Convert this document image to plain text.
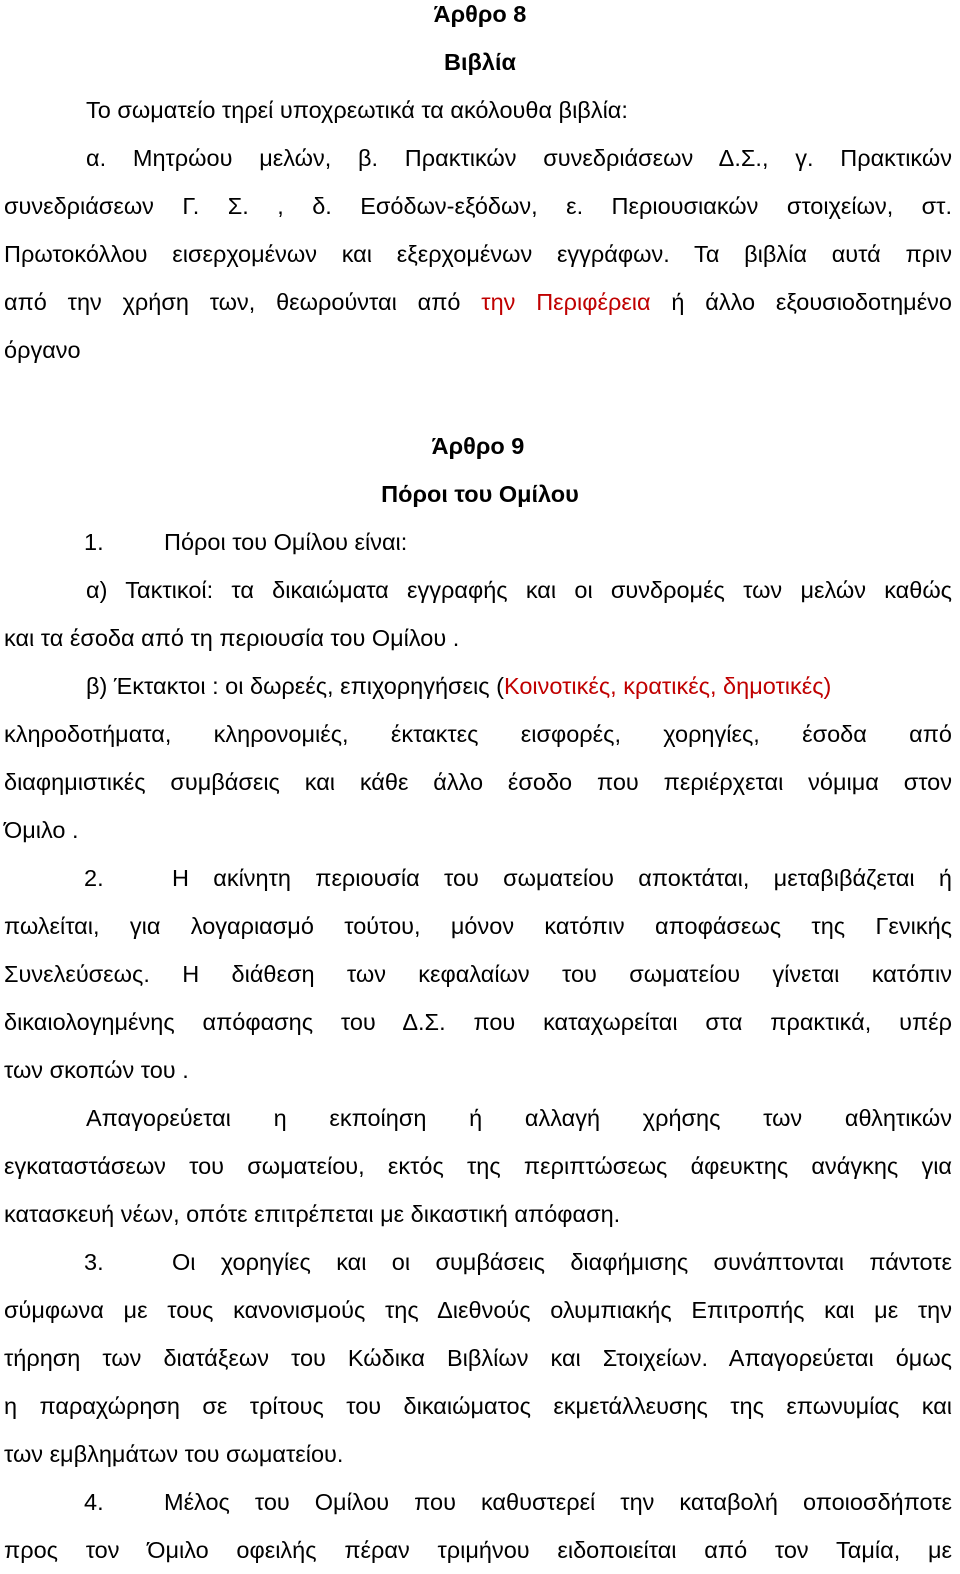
Άρθρο 8
Βιβλία
Το σωματείο τηρεί υποχρεωτικά τα ακόλουθα βιβλία:
α. Μητρώου μελών, β. Πρακτικών συνεδριάσεων Δ.Σ., γ. Πρακτικών
συνεδριάσεων Γ. Σ. , δ. Εσόδων-εξόδων, ε. Περιουσιακών στοιχείων, στ.
Πρωτοκόλλου εισερχομένων και εξερχομένων εγγράφων. Τα βιβλία αυτά πριν
από την χρήση των, θεωρούνται από την Περιφέρεια ή άλλο εξουσιοδοτημένο
όργανο
Άρθρο 9
Πόροι του Ομίλου
1.	Πόροι του Ομίλου είναι:
α) Τακτικοί: τα δικαιώματα εγγραφής και οι συνδρομές των μελών καθώς
και τα έσοδα από τη περιουσία του Ομίλου .
β) Έκτακτοι : οι δωρεές, επιχορηγήσεις (Κοινοτικές, κρατικές, δημοτικές)
κληροδοτήματα, κληρονομιές, έκτακτες εισφορές, χορηγίες, έσοδα από
διαφημιστικές συμβάσεις και κάθε άλλο έσοδο που περιέρχεται νόμιμα στον
Όμιλο .
2.	Η ακίνητη περιουσία του σωματείου αποκτάται, μεταβιβάζεται ή
πωλείται, για λογαριασμό τούτου, μόνον κατόπιν αποφάσεως της Γενικής
Συνελεύσεως. Η διάθεση των κεφαλαίων του σωματείου γίνεται κατόπιν
δικαιολογημένης απόφασης του Δ.Σ. που καταχωρείται στα πρακτικά, υπέρ
των σκοπών του .
Απαγορεύεται η εκποίηση ή αλλαγή χρήσης των αθλητικών
εγκαταστάσεων του σωματείου, εκτός της περιπτώσεως άφευκτης ανάγκης για
κατασκευή νέων, οπότε επιτρέπεται με δικαστική απόφαση.
3.	Οι χορηγίες και οι συμβάσεις διαφήμισης συνάπτονται πάντοτε
σύμφωνα με τους κανονισμούς της Διεθνούς ολυμπιακής Επιτροπής και με την
τήρηση των διατάξεων του Κώδικα Βιβλίων και Στοιχείων. Απαγορεύεται όμως
η παραχώρηση σε τρίτους του δικαιώματος εκμετάλλευσης της επωνυμίας και
των εμβλημάτων του σωματείου.
4.	Μέλος του Ομίλου που καθυστερεί την καταβολή οποιοσδήποτε
προς τον Όμιλο οφειλής πέραν τριμήνου ειδοποιείται από τον Ταμία, με
